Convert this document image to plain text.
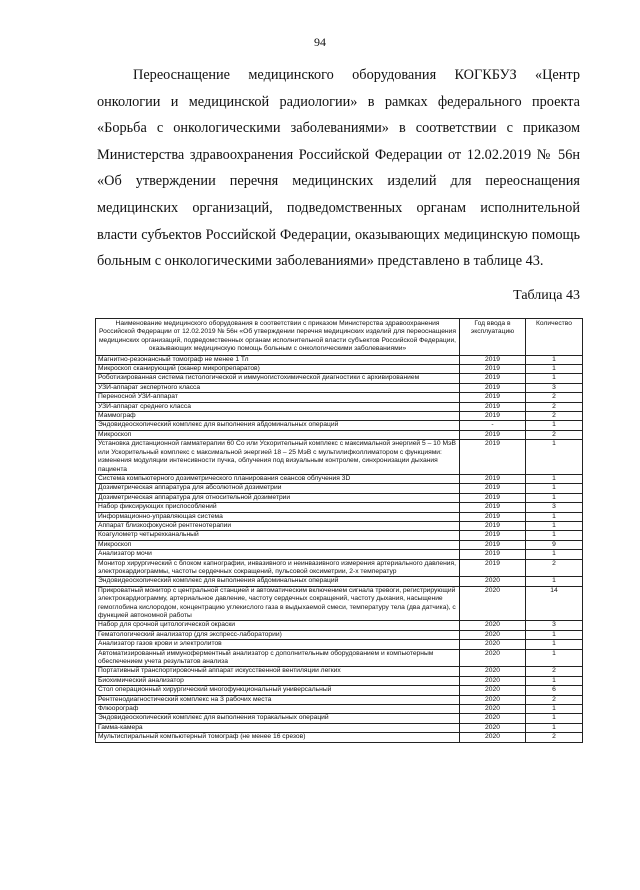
94

Переоснащение медицинского оборудования КОГКБУЗ «Центр онкологии и медицинской радиологии» в рамках федерального проекта «Борьба с онкологическими заболеваниями» в соответствии с приказом Министерства здравоохранения Российской Федерации от 12.02.2019 № 56н «Об утверждении перечня медицинских изделий для переоснащения медицинских организаций, подведомственных органам исполнительной власти субъектов Российской Федерации, оказывающих медицинскую помощь больным с онкологическими заболеваниями» представлено в таблице 43.

Таблица 43
Наименование медицинского оборудования в соответствии с приказом Министерства здравоохранения Российской Федерации от 12.02.2019 № 56н «Об утверждении перечня медицинских изделий для переоснащения медицинских организаций, подведомственных органам исполнительной власти субъектов Российской Федерации, оказывающих медицинскую помощь больным с онкологическими заболеваниями»	Год ввода в эксплуатацию	Количество
Магнитно-резонансный томограф не менее 1 Тл	2019	1
Микроскоп сканирующий (сканер микропрепаратов)	2019	1
Роботизированная система гистологической и иммуногистохимической диагностики с архивированием	2019	1
УЗИ-аппарат экспертного класса	2019	3
Переносной УЗИ-аппарат	2019	2
УЗИ-аппарат среднего класса	2019	2
Маммограф	2019	2
Эндовидеоскопический комплекс для выполнения абдоминальных операций	-	1
Микроскоп	2019	2
Установка дистанционной гамматерапии 60 Co или Ускорительный комплекс с максимальной энергией 5 – 10 МэВ или Ускорительный комплекс с максимальной энергией 18 – 25 МэВ с мультилифколлиматором с функциями: изменения модуляции интенсивности пучка, облучения под визуальным контролем, синхронизации дыхания пациента	2019	1
Система компьютерного дозиметрического планирования сеансов облучения 3D	2019	1
Дозиметрическая аппаратура для абсолютной дозиметрии	2019	1
Дозиметрическая аппаратура для относительной дозиметрии	2019	1
Набор фиксирующих приспособлений	2019	3
Информационно-управляющая система	2019	1
Аппарат близкофокусной рентгенотерапии	2019	1
Коагулометр четырехканальный	2019	1
Микроскоп	2019	9
Анализатор мочи	2019	1
Монитор хирургический с блоком капнографии, инвазивного и неинвазивного измерения артериального давления, электрокардиограммы, частоты сердечных сокращений, пульсовой оксиметрии, 2-х температур	2019	2
Эндовидеоскопический комплекс для выполнения абдоминальных операций	2020	1
Прикроватный монитор с центральной станцией и автоматическим включением сигнала тревоги, регистрирующий электрокардиограмму, артериальное давление, частоту сердечных сокращений, частоту дыхания, насыщение гемоглобина кислородом, концентрацию углекислого газа в выдыхаемой смеси, температуру тела (два датчика), с функцией автономной работы	2020	14
Набор для срочной цитологической окраски	2020	3
Гематологический анализатор (для экспресс-лаборатории)	2020	1
Анализатор газов крови и электролитов	2020	1
Автоматизированный иммуноферментный анализатор с дополнительным оборудованием и компьютерным обеспечением учета результатов анализа	2020	1
Портативный транспортировочный аппарат искусственной вентиляции легких	2020	2
Биохимический анализатор	2020	1
Стол операционный хирургический многофункциональный универсальный	2020	6
Рентгенодиагностический комплекс на 3 рабочих места	2020	2
Флюорограф	2020	1
Эндовидеоскопический комплекс для выполнения торакальных операций	2020	1
Гамма-камера	2020	1
Мультиспиральный компьютерный томограф (не менее 16 срезов)	2020	2
